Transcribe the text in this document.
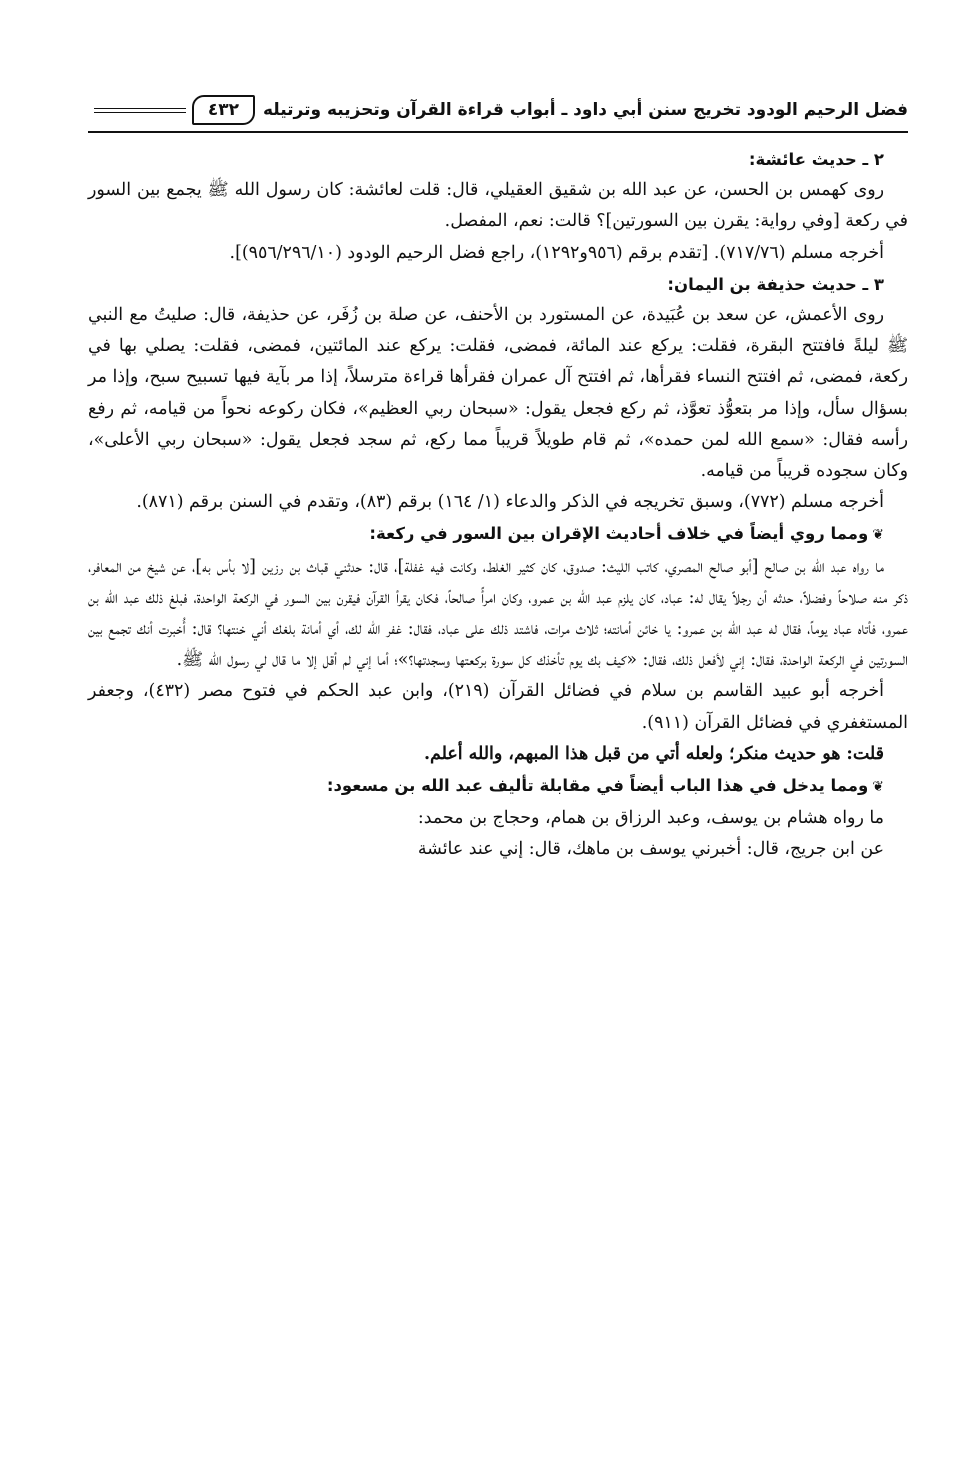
فضل الرحيم الودود تخريج سنن أبي داود ـ أبواب قراءة القرآن وتحزيبه وترتيله
٤٣٢

٢ ـ حديث عائشة:

روى كهمس بن الحسن، عن عبد الله بن شقيق العقيلي، قال: قلت لعائشة: كان رسول الله ﷺ يجمع بين السور في ركعة [وفي رواية: يقرن بين السورتين]؟ قالت: نعم، المفصل.

أخرجه مسلم (٧١٧/٧٦). [تقدم برقم (٩٥٦و١٢٩٢)، راجع فضل الرحيم الودود (٩٥٦/٢٩٦/١٠)].

٣ ـ حديث حذيفة بن اليمان:

روى الأعمش، عن سعد بن عُبَيدة، عن المستورد بن الأحنف، عن صلة بن زُفَر، عن حذيفة، قال: صليتُ مع النبي ﷺ ليلةً فافتتح البقرة، فقلت: يركع عند المائة، فمضى، فقلت: يركع عند المائتين، فمضى، فقلت: يصلي بها في ركعة، فمضى، ثم افتتح النساء فقرأها، ثم افتتح آل عمران فقرأها قراءة مترسلاً، إذا مر بآية فيها تسبيح سبح، وإذا مر بسؤال سأل، وإذا مر بتعوُّذ تعوَّذ، ثم ركع فجعل يقول: «سبحان ربي العظيم»، فكان ركوعه نحواً من قيامه، ثم رفع رأسه فقال: «سمع الله لمن حمده»، ثم قام طويلاً قريباً مما ركع، ثم سجد فجعل يقول: «سبحان ربي الأعلى»، وكان سجوده قريباً من قيامه.

أخرجه مسلم (٧٧٢)، وسبق تخريجه في الذكر والدعاء (١/ ١٦٤) برقم (٨٣)، وتقدم في السنن برقم (٨٧١).

❦ومما روي أيضاً في خلاف أحاديث الإقران بين السور في ركعة:

ما رواه عبد الله بن صالح [أبو صالح المصري، كاتب الليث: صدوق، كان كثير الغلط، وكانت فيه غفلة]، قال: حدثني قباث بن رزين [لا بأس به]، عن شيخ من المعافر، ذكر منه صلاحاً وفضلاً، حدثه أن رجلاً يقال له: عباد، كان يلزم عبد الله بن عمرو، وكان امرأً صالحاً، فكان يقرأ القرآن فيقرن بين السور في الركعة الواحدة، فبلغ ذلك عبد الله بن عمرو، فأتاه عباد يوماً، فقال له عبد الله بن عمرو: يا خائن أمانته؛ ثلاث مرات، فاشتد ذلك على عباد، فقال: غفر الله لك، أي أمانة بلغك أني خنتها؟ قال: أُخبرت أنك تجمع بين السورتين في الركعة الواحدة، فقال: إني لأفعل ذلك، فقال: «كيف بك يوم تأخذك كل سورة بركعتها وسجدتها؟»؛ أما إني لم أقل إلا ما قال لي رسول الله ﷺ.

أخرجه أبو عبيد القاسم بن سلام في فضائل القرآن (٢١٩)، وابن عبد الحكم في فتوح مصر (٤٣٢)، وجعفر المستغفري في فضائل القرآن (٩١١).

قلت: هو حديث منكر؛ ولعله أتي من قبل هذا المبهم، والله أعلم.

❦ومما يدخل في هذا الباب أيضاً في مقابلة تأليف عبد الله بن مسعود:

ما رواه هشام بن يوسف، وعبد الرزاق بن همام، وحجاج بن محمد:

عن ابن جريج، قال: أخبرني يوسف بن ماهك، قال: إني عند عائشة
